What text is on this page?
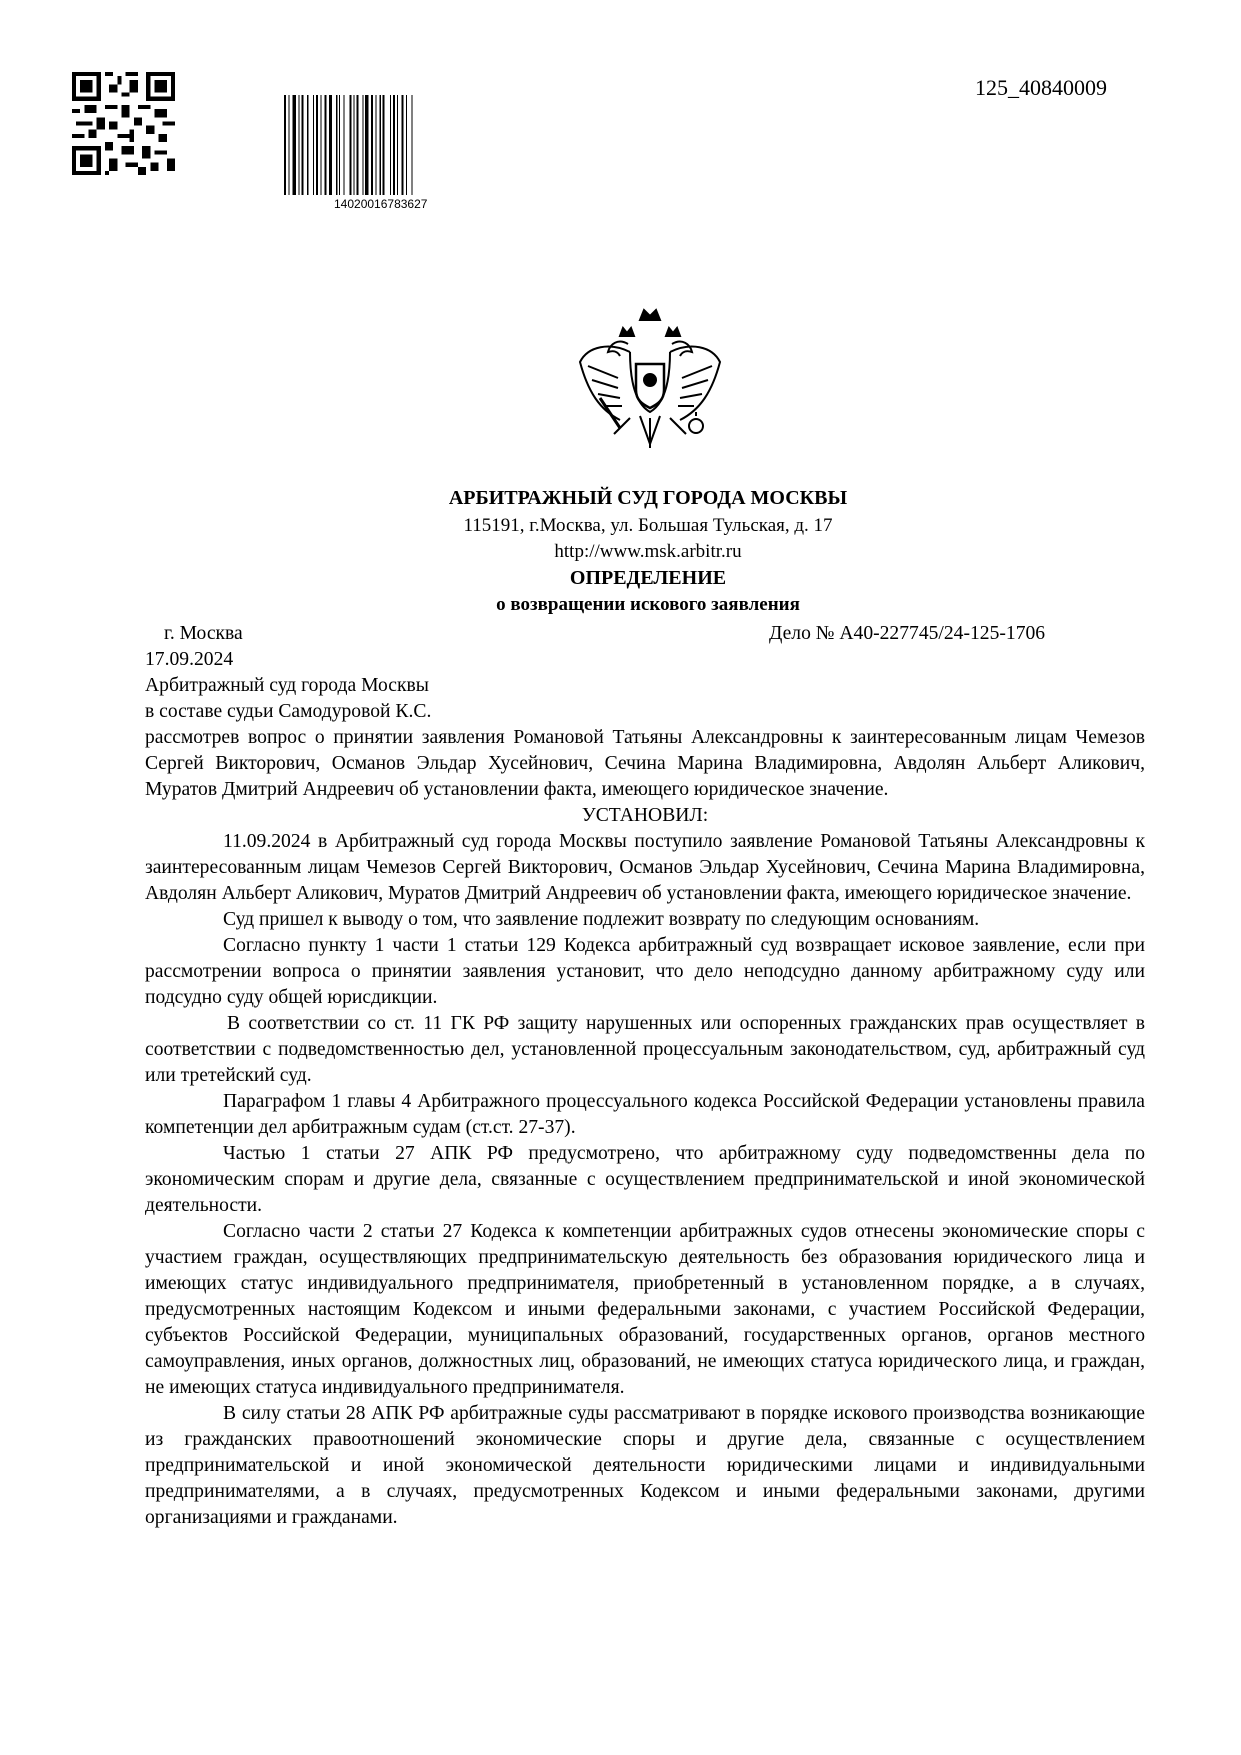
14020016783627
125_40840009
АРБИТРАЖНЫЙ СУД ГОРОДА МОСКВЫ
115191, г.Москва, ул. Большая Тульская, д. 17
http://www.msk.arbitr.ru
ОПРЕДЕЛЕНИЕ
о возвращении искового заявления
г. Москва	Дело № А40-227745/24-125-1706
17.09.2024
Арбитражный суд города Москвы
в составе судьи Самодуровой К.С.

рассмотрев вопрос о принятии заявления Романовой Татьяны Александровны к заинтересованным лицам Чемезов Сергей Викторович, Османов Эльдар Хусейнович, Сечина Марина Владимировна, Авдолян Альберт Аликович, Муратов Дмитрий Андреевич об установлении факта, имеющего юридическое значение.

УСТАНОВИЛ:

11.09.2024 в Арбитражный суд города Москвы поступило заявление Романовой Татьяны Александровны к заинтересованным лицам Чемезов Сергей Викторович, Османов Эльдар Хусейнович, Сечина Марина Владимировна, Авдолян Альберт Аликович, Муратов Дмитрий Андреевич об установлении факта, имеющего юридическое значение.

Суд пришел к выводу о том, что заявление подлежит возврату по следующим основаниям.

Согласно пункту 1 части 1 статьи 129 Кодекса арбитражный суд возвращает исковое заявление, если при рассмотрении вопроса о принятии заявления установит, что дело неподсудно данному арбитражному суду или подсудно суду общей юрисдикции.

В соответствии со ст. 11 ГК РФ защиту нарушенных или оспоренных гражданских прав осуществляет в соответствии с подведомственностью дел, установленной процессуальным законодательством, суд, арбитражный суд или третейский суд.

Параграфом 1 главы 4 Арбитражного процессуального кодекса Российской Федерации установлены правила компетенции дел арбитражным судам (ст.ст. 27-37).

Частью 1 статьи 27 АПК РФ предусмотрено, что арбитражному суду подведомственны дела по экономическим спорам и другие дела, связанные с осуществлением предпринимательской и иной экономической деятельности.

Согласно части 2 статьи 27 Кодекса к компетенции арбитражных судов отнесены экономические споры с участием граждан, осуществляющих предпринимательскую деятельность без образования юридического лица и имеющих статус индивидуального предпринимателя, приобретенный в установленном порядке, а в случаях, предусмотренных настоящим Кодексом и иными федеральными законами, с участием Российской Федерации, субъектов Российской Федерации, муниципальных образований, государственных органов, органов местного самоуправления, иных органов, должностных лиц, образований, не имеющих статуса юридического лица, и граждан, не имеющих статуса индивидуального предпринимателя.

В силу статьи 28 АПК РФ арбитражные суды рассматривают в порядке искового производства возникающие из гражданских правоотношений экономические споры и другие дела, связанные с осуществлением предпринимательской и иной экономической деятельности юридическими лицами и индивидуальными предпринимателями, а в случаях, предусмотренных Кодексом и иными федеральными законами, другими организациями и гражданами.
